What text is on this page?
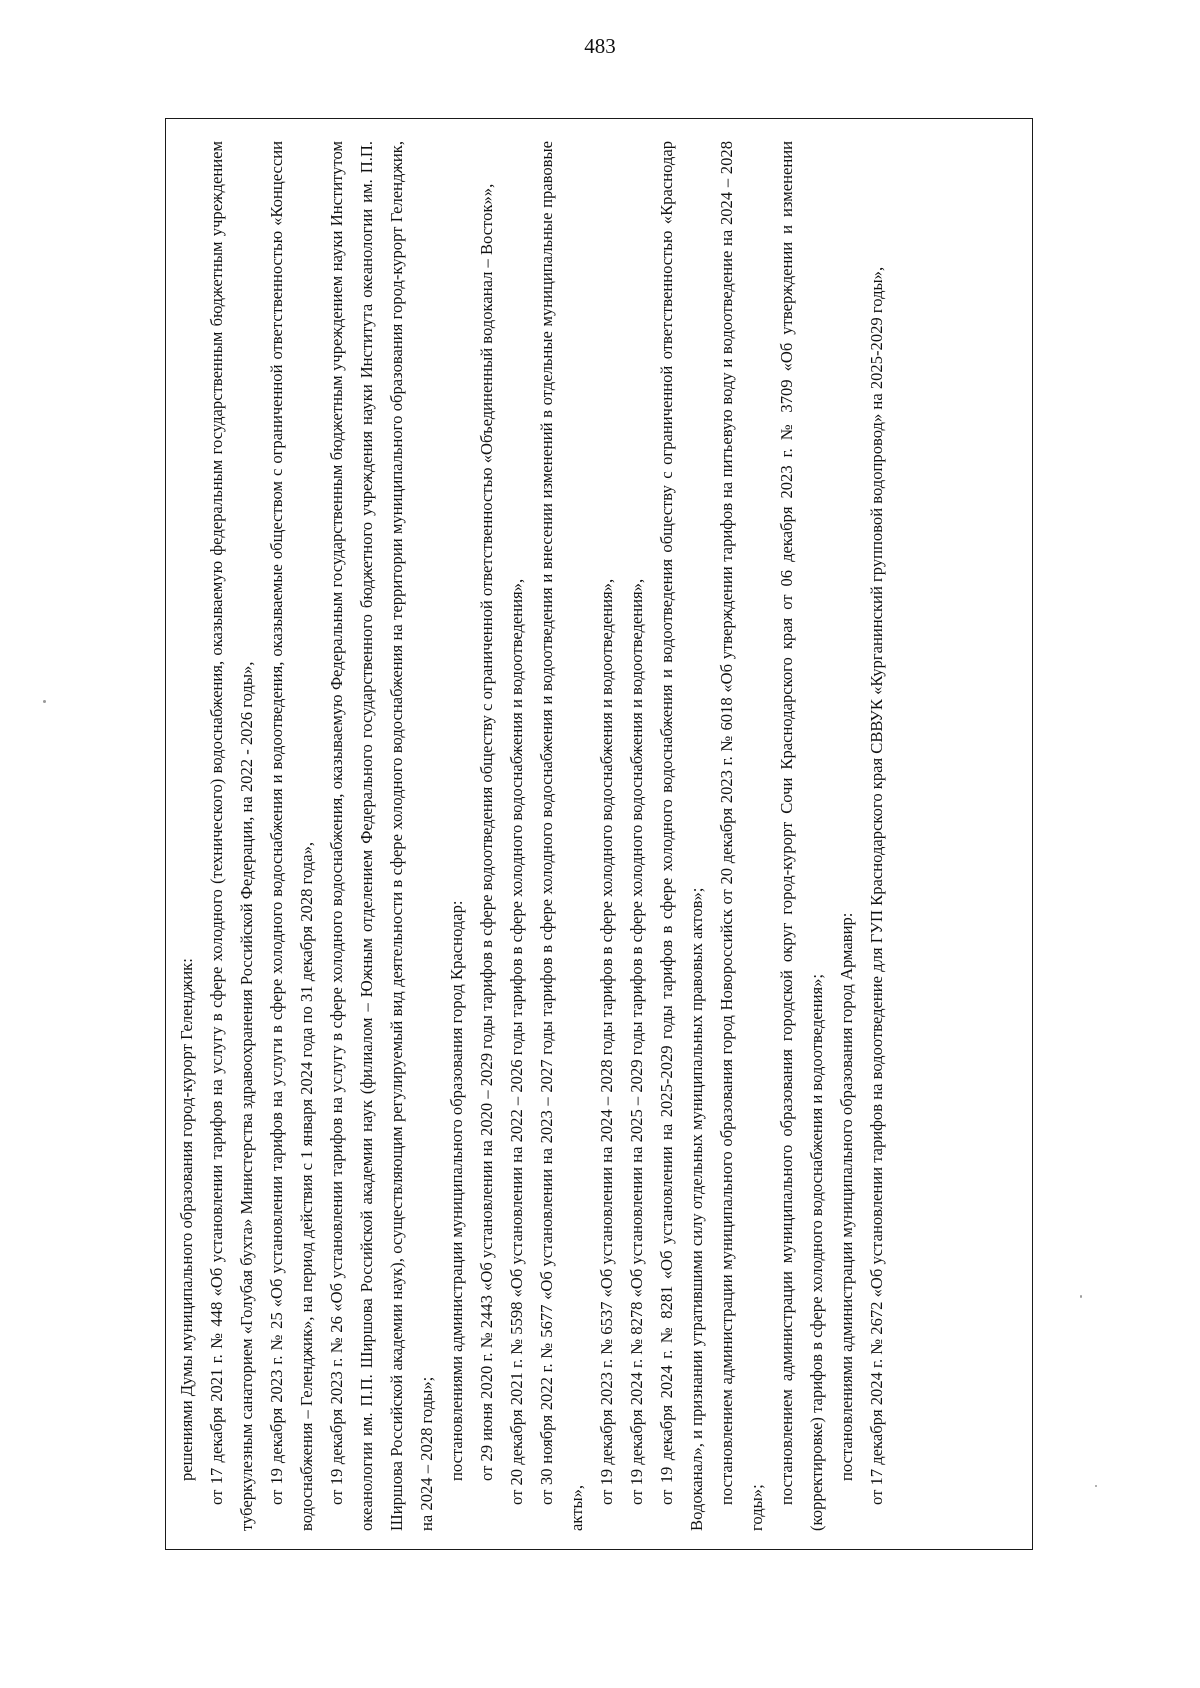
483

решениями Думы муниципального образования город-курорт Геленджик: от 17 декабря 2021 г. № 448 «Об установлении тарифов на услугу в сфере холодного (технического) водоснабжения, оказываемую федеральным государственным бюджетным учреждением туберкулезным санаторием «Голубая бухта» Министерства здравоохранения Российской Федерации, на 2022 - 2026 годы», от 19 декабря 2023 г. № 25 «Об установлении тарифов на услуги в сфере холодного водоснабжения и водоотведения, оказываемые обществом с ограниченной ответственностью «Концессии водоснабжения – Геленджик», на период действия с 1 января 2024 года по 31 декабря 2028 года», от 19 декабря 2023 г. № 26 «Об установлении тарифов на услугу в сфере холодного водоснабжения, оказываемую Федеральным государственным бюджетным учреждением науки Институтом океанологии им. П.П. Ширшова Российской академии наук (филиалом – Южным отделением Федерального государственного бюджетного учреждения науки Института океанологии им. П.П. Ширшова Российской академии наук), осуществляющим регулируемый вид деятельности в сфере холодного водоснабжения на территории муниципального образования город-курорт Геленджик, на 2024 – 2028 годы»; постановлениями администрации муниципального образования город Краснодар: от 29 июня 2020 г. № 2443 «Об установлении на 2020 – 2029 годы тарифов в сфере водоотведения обществу с ограниченной ответственностью «Объединенный водоканал – Восток»», от 20 декабря 2021 г. № 5598 «Об установлении на 2022 – 2026 годы тарифов в сфере холодного водоснабжения и водоотведения», от 30 ноября 2022 г. № 5677 «Об установлении на 2023 – 2027 годы тарифов в сфере холодного водоснабжения и водоотведения и внесении изменений в отдельные муниципальные правовые акты»,

от 19 декабря 2023 г. № 6537 «Об установлении на 2024 – 2028 годы тарифов в сфере холодного водоснабжения и водоотведения», от 19 декабря 2024 г. № 8278 «Об установлении на 2025 – 2029 годы тарифов в сфере холодного водоснабжения и водоотведения», от 19 декабря 2024 г. № 8281 «Об установлении на 2025-2029 годы тарифов в сфере холодного водоснабжения и водоотведения обществу с ограниченной ответственностью «Краснодар Водоканал», и признании утратившими силу отдельных муниципальных правовых актов»; постановлением администрации муниципального образования город Новороссийск от 20 декабря 2023 г. № 6018 «Об утверждении тарифов на питьевую воду и водоотведение на 2024 – 2028 годы»;

постановлением администрации муниципального образования городской округ город-курорт Сочи Краснодарского края от 06 декабря 2023 г. № 3709 «Об утверждении и изменении (корректировке) тарифов в сфере холодного водоснабжения и водоотведения»; постановлениями администрации муниципального образования город Армавир: от 17 декабря 2024 г. № 2672 «Об установлении тарифов на водоотведение для ГУП Краснодарского края СВВУК «Курганинский групповой водопровод» на 2025-2029 годы»,
